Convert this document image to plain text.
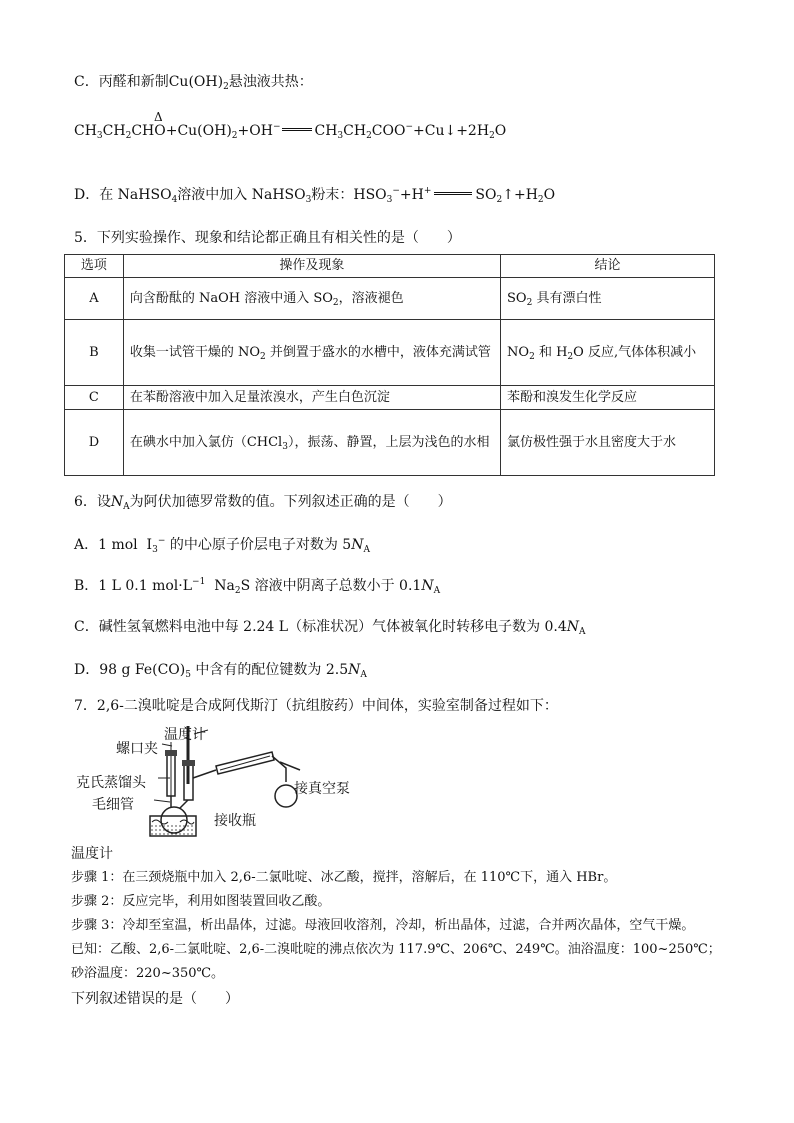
C．丙醛和新制$Cu(OH)_2$悬浊液共热：
Δ
$CH_3CH_2CHO+Cu(OH)_2+OH^-$ $CH_3CH_2COO^-+Cu↓+2H_2O$
D．在 NaHSO$_4$溶液中加入 NaHSO$_3$粉末：$HSO_3^-+H^+$	$SO_2↑+H_2O$
5．下列实验操作、现象和结论都正确且有相关性的是（　　）
选项	操作及现象	结论
A	向含酚酞的 NaOH 溶液中通入 $SO_2$，溶液褪色	$SO_2$ 具有漂白性
B	收集一试管干燥的 $NO_2$ 并倒置于盛水的水槽中，液体充满试管	$NO_2$ 和 $H_2O$ 反应,气体体积减小
C	在苯酚溶液中加入足量浓溴水，产生白色沉淀	苯酚和溴发生化学反应
D	在碘水中加入氯仿（CHCl$_3$），振荡、静置，上层为浅色的水相	氯仿极性强于水且密度大于水
6．设$N_A$为阿伏加德罗常数的值。下列叙述正确的是（　　）
A．1 mol  $I_3^-$ 的中心原子价层电子对数为 $5N_A$
B．1 L 0.1 $mol\cdot L^{-1}$  $Na_2S$ 溶液中阴离子总数小于 $0.1N_A$
C．碱性氢氧燃料电池中每 2.24 L（标准状况）气体被氧化时转移电子数为 $0.4N_A$
D．98 g $Fe(CO)_5$ 中含有的配位键数为 $2.5N_A$
7．2,6-二溴吡啶是合成阿伐斯汀（抗组胺药）中间体，实验室制备过程如下：
温度计
螺口夹
克氏蒸馏头
毛细管
接真空泵
接收瓶
温度计
步骤 1：在三颈烧瓶中加入 2,6-二氯吡啶、冰乙酸，搅拌，溶解后，在 110℃下，通入 HBr。
步骤 2：反应完毕，利用如图装置回收乙酸。
步骤 3：冷却至室温，析出晶体，过滤。母液回收溶剂，冷却，析出晶体，过滤，合并两次晶体，空气干燥。
已知：乙酸、2,6-二氯吡啶、2,6-二溴吡啶的沸点依次为 117.9℃、206℃、249℃。油浴温度：100~250℃；
砂浴温度：220~350℃。
下列叙述错误的是（　　）
